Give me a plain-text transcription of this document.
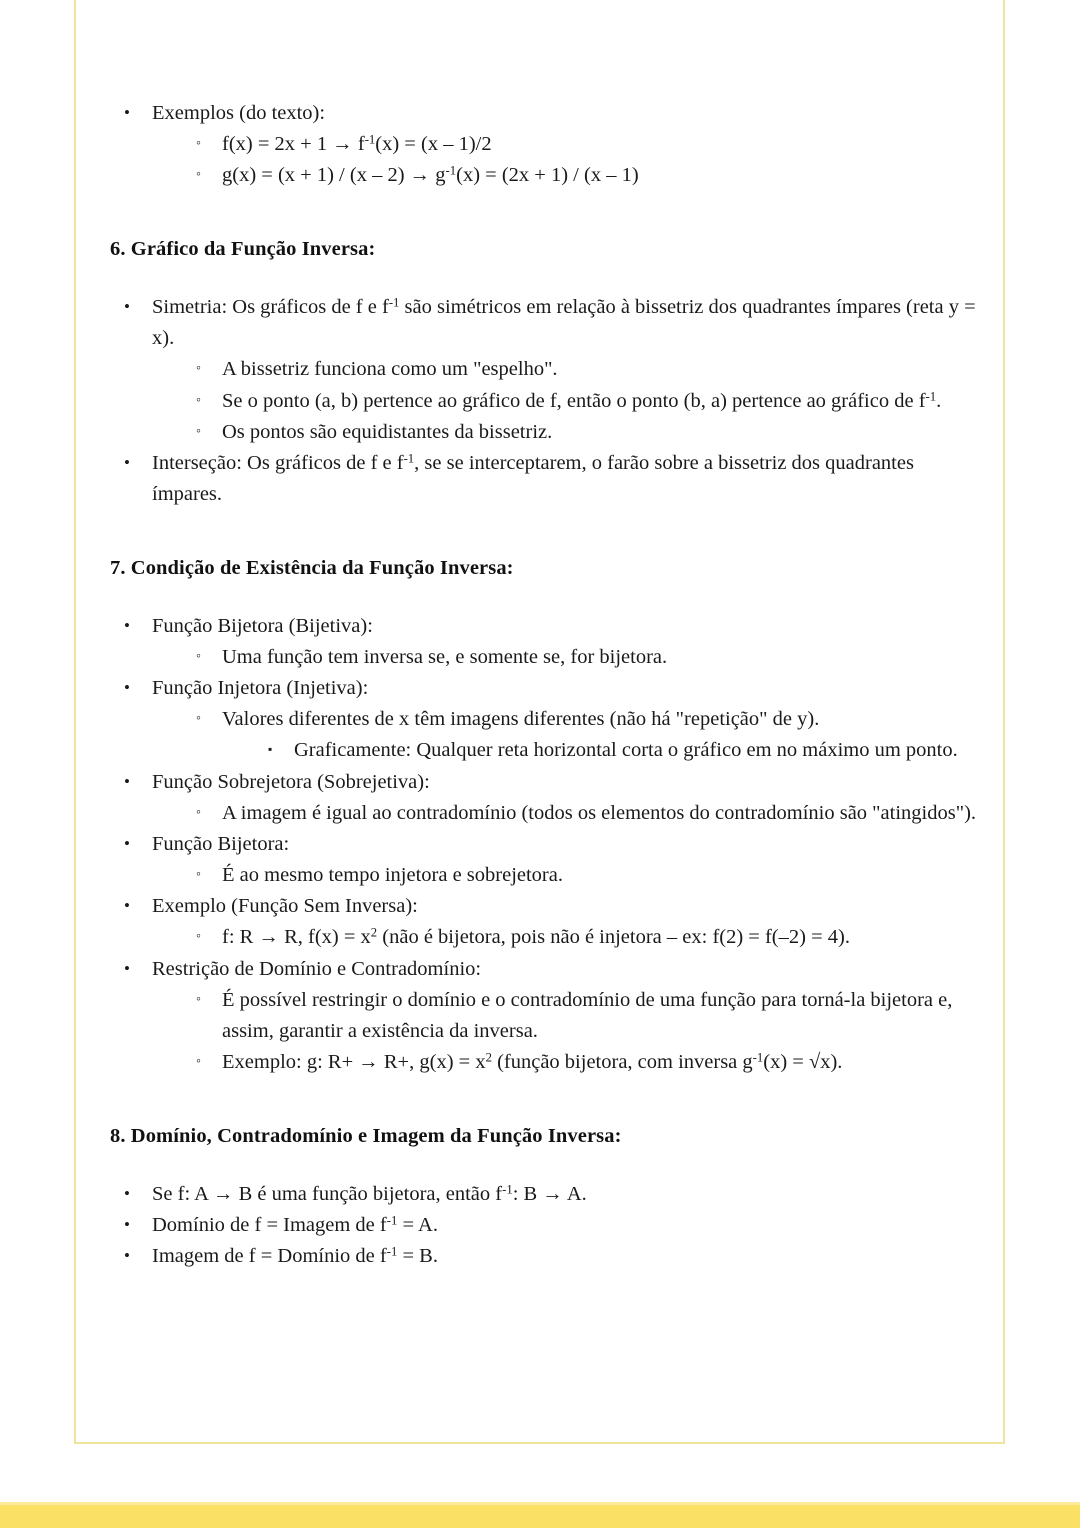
• Exemplos (do texto):
◦ $f(x) = 2x + 1 \to f^{-1}(x) = (x - 1)/2$
◦ $g(x) = (x + 1) / (x - 2) \to g^{-1}(x) = (2x + 1) / (x - 1)$
6. Gráfico da Função Inversa:
• Simetria: Os gráficos de f e $f^{-1}$ são simétricos em relação à bissetriz dos quadrantes ímpares (reta y = x).
◦ A bissetriz funciona como um "espelho".
◦ Se o ponto (a, b) pertence ao gráfico de f, então o ponto (b, a) pertence ao gráfico de $f^{-1}$.
◦ Os pontos são equidistantes da bissetriz.
• Interseção: Os gráficos de f e $f^{-1}$, se se interceptarem, o farão sobre a bissetriz dos quadrantes ímpares.
7. Condição de Existência da Função Inversa:
• Função Bijetora (Bijetiva):
◦ Uma função tem inversa se, e somente se, for bijetora.
• Função Injetora (Injetiva):
◦ Valores diferentes de x têm imagens diferentes (não há "repetição" de y).
▪ Graficamente: Qualquer reta horizontal corta o gráfico em no máximo um ponto.
• Função Sobrejetora (Sobrejetiva):
◦ A imagem é igual ao contradomínio (todos os elementos do contradomínio são "atingidos").
• Função Bijetora:
◦ É ao mesmo tempo injetora e sobrejetora.
• Exemplo (Função Sem Inversa):
◦ f: R → R, $f(x) = x^2$ (não é bijetora, pois não é injetora – ex: f(2) = f(–2) = 4).
• Restrição de Domínio e Contradomínio:
◦ É possível restringir o domínio e o contradomínio de uma função para torná-la bijetora e, assim, garantir a existência da inversa.
◦ Exemplo: g: R+ → R+, $g(x) = x^2$ (função bijetora, com inversa $g^{-1}(x) = √x$).
8. Domínio, Contradomínio e Imagem da Função Inversa:
• Se f: A → B é uma função bijetora, então $f^{-1}$: B → A.
• Domínio de f = Imagem de $f^{-1} = A$.
• Imagem de f = Domínio de $f^{-1} = B$.
